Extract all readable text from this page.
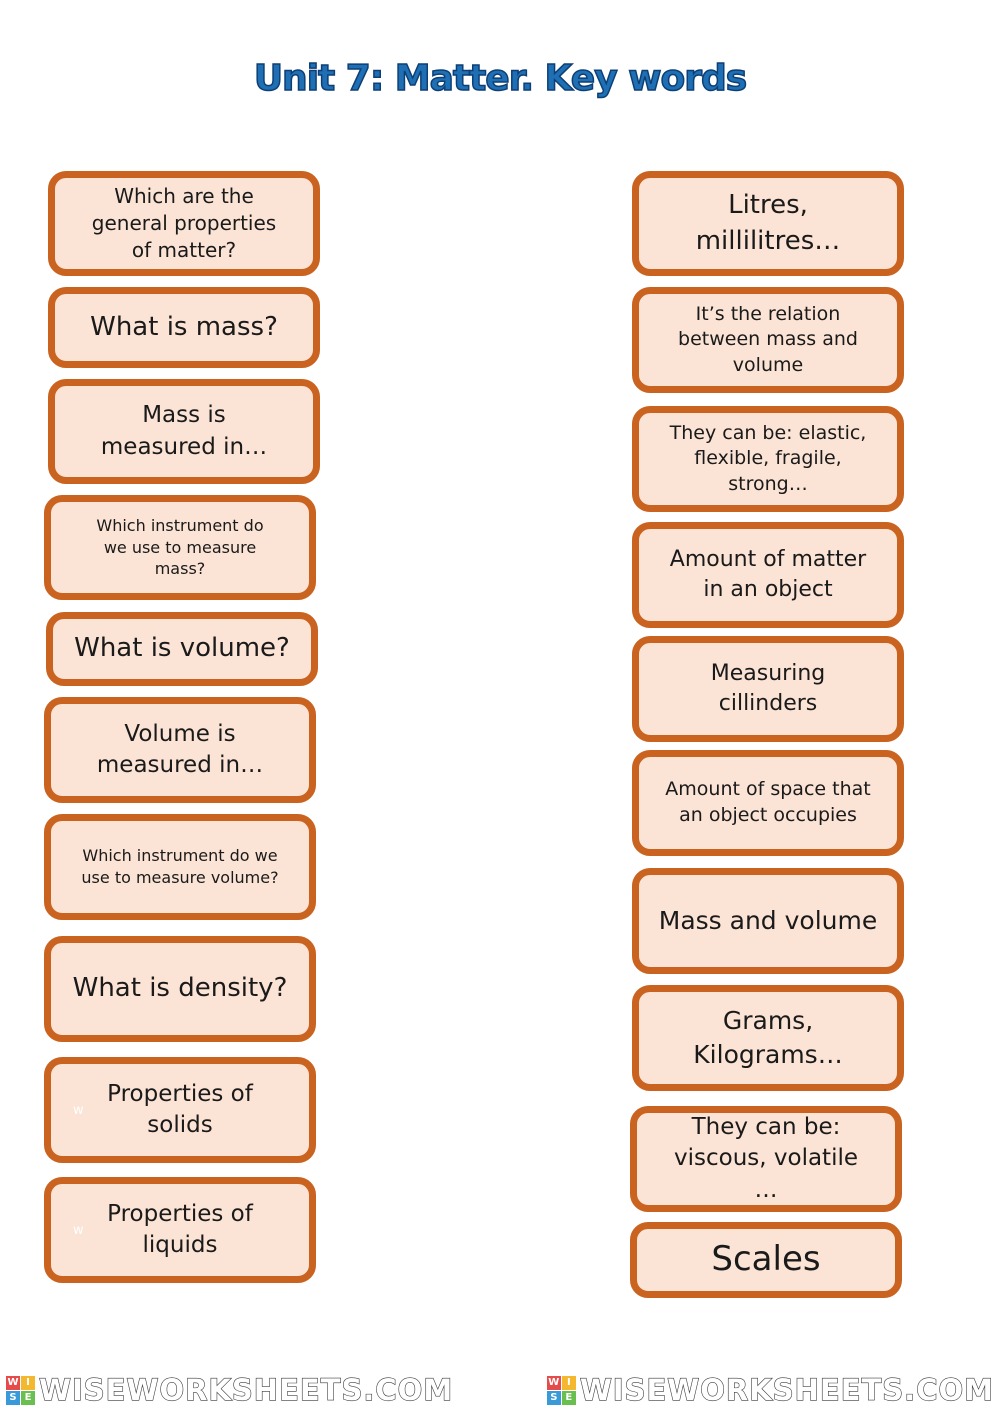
Unit 7: Matter. Key words
Which are the general properties of matter?
What is mass?
Mass is measured in…
Which instrument do we use to measure mass?
What is volume?
Volume is measured in…
Which instrument do we use to measure volume?
What is density?
w
Properties of solids
w
Properties of liquids
Litres, millilitres…
It’s the relation between mass and volume
They can be: elastic, flexible, fragile, strong…
Amount of matter in an object
Measuring cillinders
Amount of space that an object occupies
Mass and volume
Grams, Kilograms…
They can be: viscous, volatile …
Scales
W I
S E WISEWORKSHEETS.COM	W I
S E WISEWORKSHEETS.COM
